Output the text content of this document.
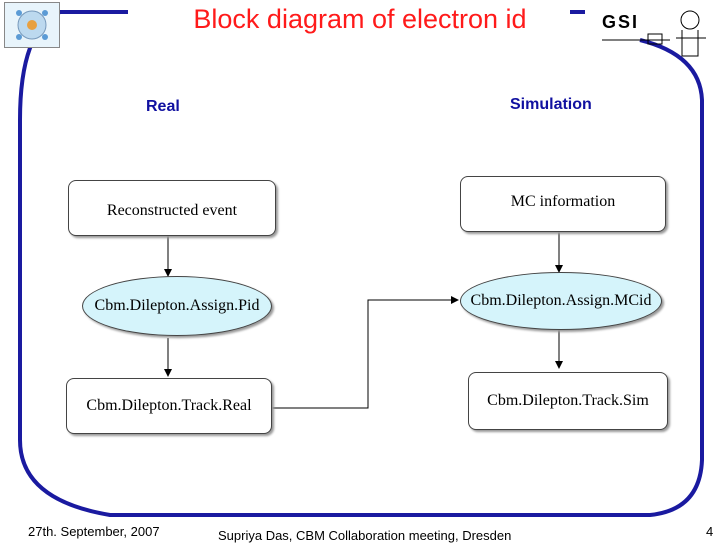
GSI
Block diagram of electron id
Real	Simulation
Reconstructed event
Cbm.Dilepton.Assign.Pid
Cbm.Dilepton.Track.Real
MC information
Cbm.Dilepton.Assign.MCid
Cbm.Dilepton.Track.Sim
27th. September, 2007	Supriya Das, CBM Collaboration meeting, Dresden	4
